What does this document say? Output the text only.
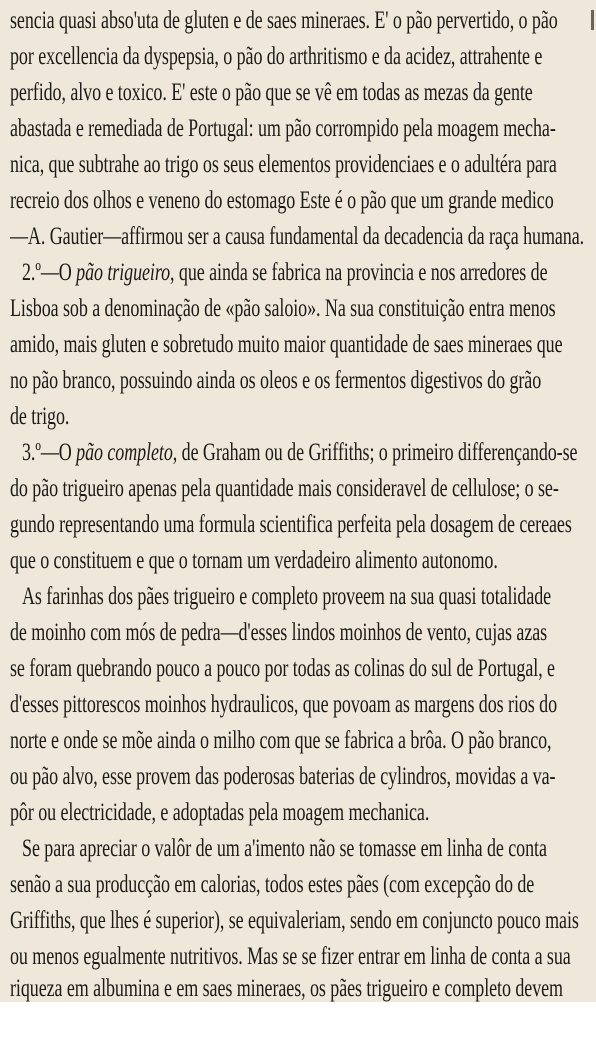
sencia quasi abso'uta de gluten e de saes mineraes. E' o pão pervertido, o pão
por excellencia da dyspepsia, o pão do arthritismo e da acidez, attrahente e
perfido, alvo e toxico. E' este o pão que se vê em todas as mezas da gente
abastada e remediada de Portugal: um pão corrompido pela moagem mecha-
nica, que subtrahe ao trigo os seus elementos providenciaes e o adultéra para
recreio dos olhos e veneno do estomago Este é o pão que um grande medico
—A. Gautier—affirmou ser a causa fundamental da decadencia da raça humana.
2.º—O pão trigueiro, que ainda se fabrica na provincia e nos arredores de
Lisboa sob a denominação de «pão saloio». Na sua constituição entra menos
amido, mais gluten e sobretudo muito maior quantidade de saes mineraes que
no pão branco, possuindo ainda os oleos e os fermentos digestivos do grão
de trigo.
3.º—O pão completo, de Graham ou de Griffiths; o primeiro differençando-se
do pão trigueiro apenas pela quantidade mais consideravel de cellulose; o se-
gundo representando uma formula scientifica perfeita pela dosagem de cereaes
que o constituem e que o tornam um verdadeiro alimento autonomo.
As farinhas dos pães trigueiro e completo proveem na sua quasi totalidade
de moinho com mós de pedra—d'esses lindos moinhos de vento, cujas azas
se foram quebrando pouco a pouco por todas as colinas do sul de Portugal, e
d'esses pittorescos moinhos hydraulicos, que povoam as margens dos rios do
norte e onde se mõe ainda o milho com que se fabrica a brôa. O pão branco,
ou pão alvo, esse provem das poderosas baterias de cylindros, movidas a va-
pôr ou electricidade, e adoptadas pela moagem mechanica.
Se para apreciar o valôr de um a'imento não se tomasse em linha de conta
senão a sua producção em calorias, todos estes pães (com excepção do de
Griffiths, que lhes é superior), se equivaleriam, sendo em conjuncto pouco mais
ou menos egualmente nutritivos. Mas se se fizer entrar em linha de conta a sua
riqueza em albumina e em saes mineraes, os pães trigueiro e completo devem
